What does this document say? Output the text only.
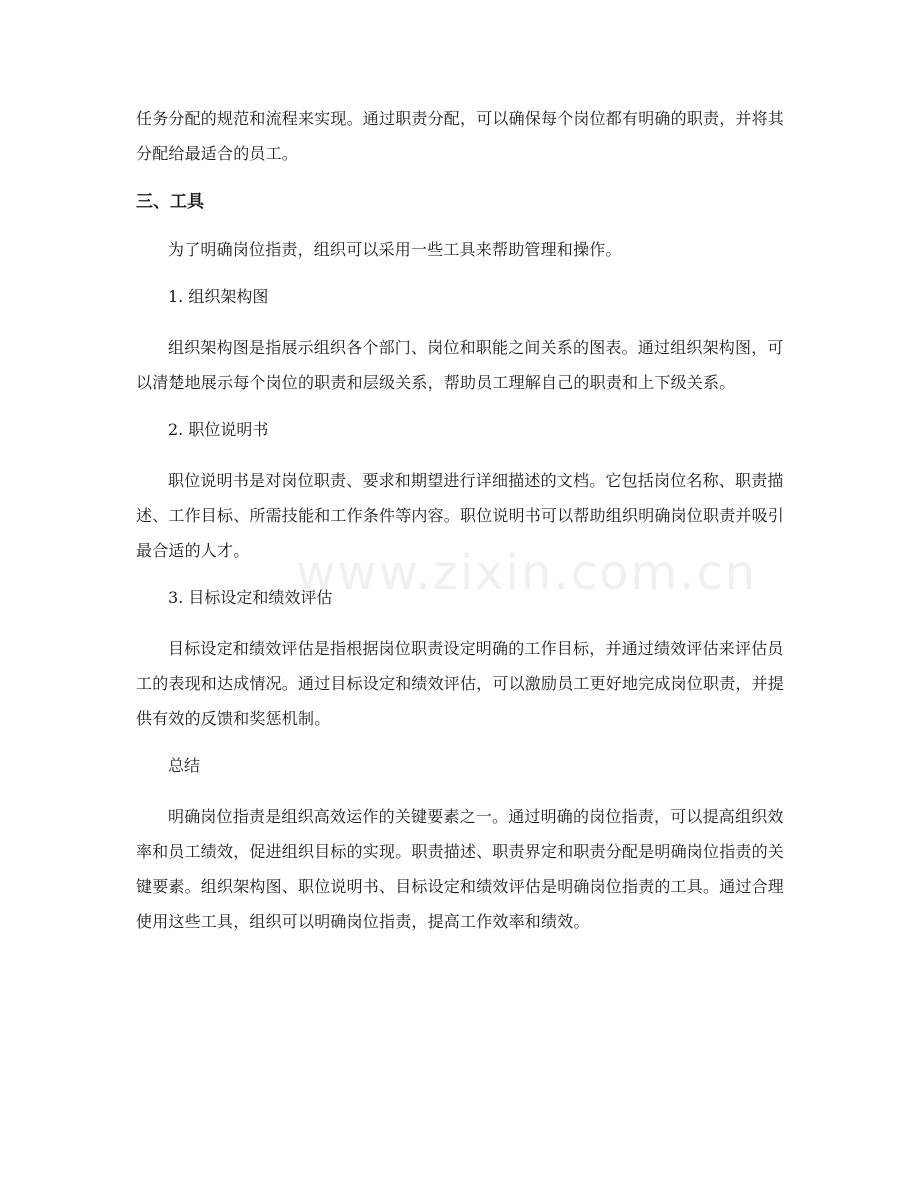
任务分配的规范和流程来实现。通过职责分配，可以确保每个岗位都有明确的职责，并将其分配给最适合的员工。

三、工具

为了明确岗位指责，组织可以采用一些工具来帮助管理和操作。

1. 组织架构图

组织架构图是指展示组织各个部门、岗位和职能之间关系的图表。通过组织架构图，可以清楚地展示每个岗位的职责和层级关系，帮助员工理解自己的职责和上下级关系。

2. 职位说明书

职位说明书是对岗位职责、要求和期望进行详细描述的文档。它包括岗位名称、职责描述、工作目标、所需技能和工作条件等内容。职位说明书可以帮助组织明确岗位职责并吸引最合适的人才。

3. 目标设定和绩效评估

目标设定和绩效评估是指根据岗位职责设定明确的工作目标，并通过绩效评估来评估员工的表现和达成情况。通过目标设定和绩效评估，可以激励员工更好地完成岗位职责，并提供有效的反馈和奖惩机制。

总结

明确岗位指责是组织高效运作的关键要素之一。通过明确的岗位指责，可以提高组织效率和员工绩效，促进组织目标的实现。职责描述、职责界定和职责分配是明确岗位指责的关键要素。组织架构图、职位说明书、目标设定和绩效评估是明确岗位指责的工具。通过合理使用这些工具，组织可以明确岗位指责，提高工作效率和绩效。

www.zixin.com.cn
